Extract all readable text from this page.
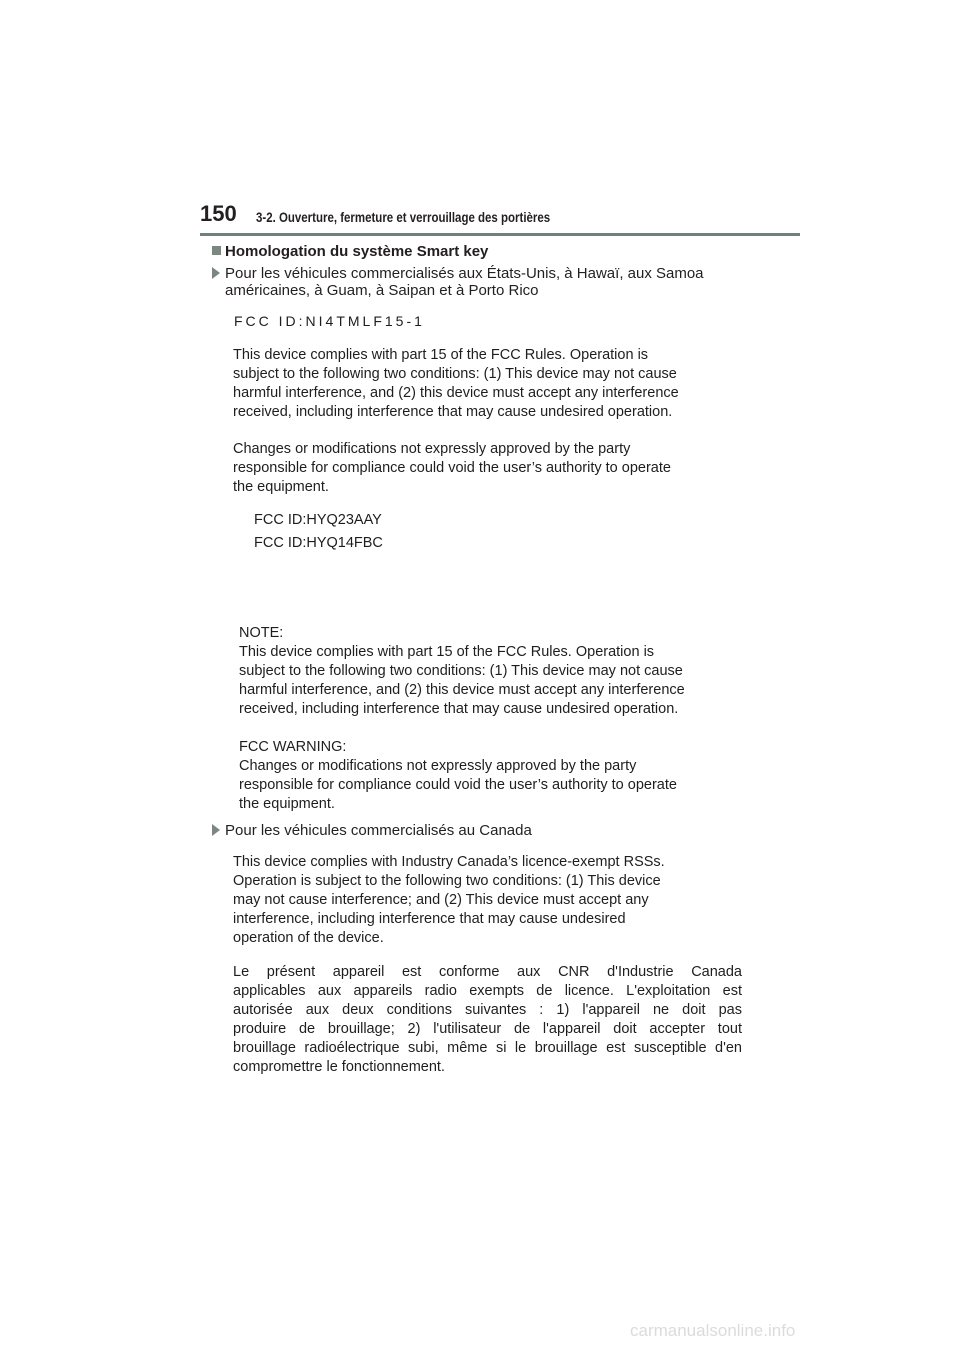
150 3-2. Ouverture, fermeture et verrouillage des portières
Homologation du système Smart key
Pour les véhicules commercialisés aux États-Unis, à Hawaï, aux Samoa
américaines, à Guam, à Saipan et à Porto Rico
FCC ID:NI4TMLF15-1

This device complies with part 15 of the FCC Rules. Operation is

subject to the following two conditions: (1) This device may not cause

harmful interference, and (2) this device must accept any interference

received, including interference that may cause undesired operation.

Changes or modifications not expressly approved by the party

responsible for compliance could void the user’s authority to operate

the equipment.

FCC ID:HYQ23AAY
FCC ID:HYQ14FBC

NOTE:

This device complies with part 15 of the FCC Rules. Operation is

subject to the following two conditions: (1) This device may not cause

harmful interference, and (2) this device must accept any interference

received, including interference that may cause undesired operation.

FCC WARNING:

Changes or modifications not expressly approved by the party

responsible for compliance could void the user’s authority to operate

the equipment.

Pour les véhicules commercialisés au Canada

This device complies with Industry Canada’s licence-exempt RSSs.

Operation is subject to the following two conditions: (1) This device

may not cause interference; and (2) This device must accept any

interference, including interference that may cause undesired

operation of the device.

Le présent appareil est conforme aux CNR d'Industrie Canada

applicables aux appareils radio exempts de licence. L'exploitation est

autorisée aux deux conditions suivantes : 1) l'appareil ne doit pas

produire de brouillage; 2) l'utilisateur de l'appareil doit accepter tout

brouillage radioélectrique subi, même si le brouillage est susceptible d'en

compromettre le fonctionnement.

carmanualsonline.info
